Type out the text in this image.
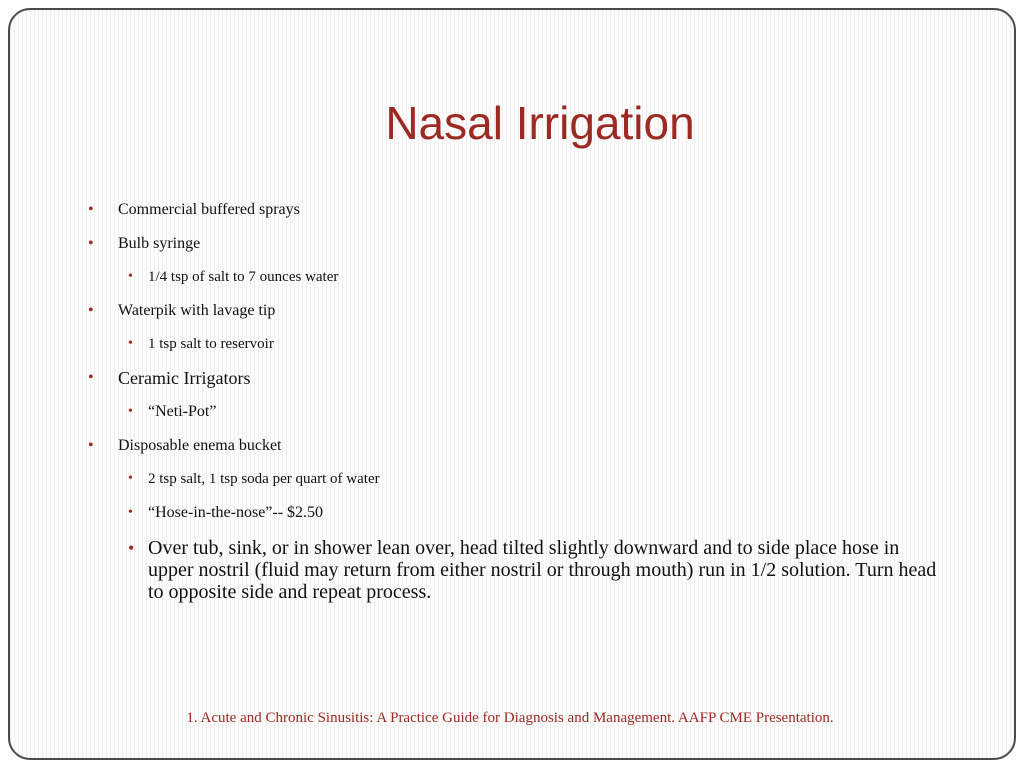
Nasal Irrigation

• Commercial buffered sprays

• Bulb syringe

• 1/4 tsp of salt to 7 ounces water

• Waterpik with lavage tip

• 1 tsp salt to reservoir

• Ceramic Irrigators

• “Neti-Pot”

• Disposable enema bucket

• 2 tsp salt, 1 tsp soda per quart of water

• “Hose-in-the-nose”-- $2.50

• Over tub, sink, or in shower lean over, head tilted slightly downward and to side place hose in upper nostril (fluid may return from either nostril or through mouth) run in 1/2 solution. Turn head to opposite side and repeat process.

1. Acute and Chronic Sinusitis: A Practice Guide for Diagnosis and Management. AAFP CME Presentation.
